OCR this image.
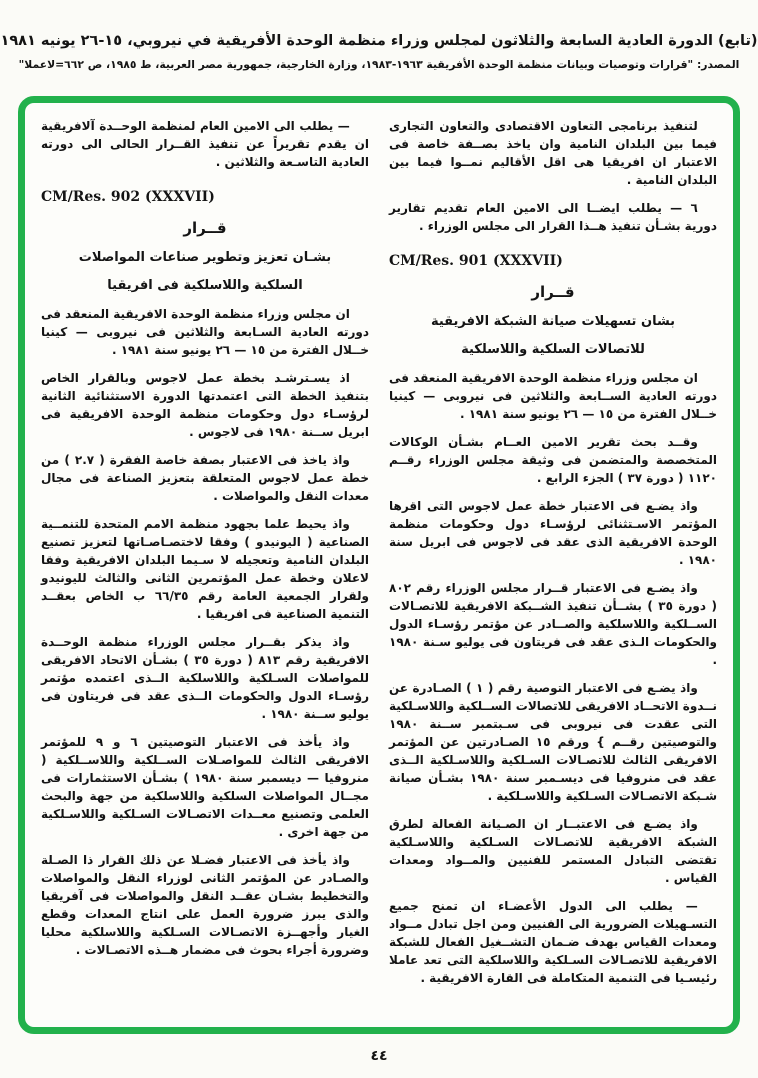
(تابع) الدورة العادية السابعة والثلاثون لمجلس وزراء منظمة الوحدة الأفريقية في نيروبي، ١٥-٢٦ يونيه ١٩٨١
المصدر: "قرارات وتوصيات وبيانات منظمة الوحدة الأفريقية ١٩٦٣-١٩٨٣، وزارة الخارجية، جمهورية مصر العربية، ط ١٩٨٥، ص ٦٦٢=لاعملا"

لتنفيذ برنامجى التعاون الاقتصادى والتعاون التجارى فيما بين البلدان النامية وان ياخذ بصــفة خاصة فى الاعتبار ان افريقيا هى اقل الأقاليم نمــوا فيما بين البلدان النامية .

٦ — يطلب ايضــا الى الامين العام تقديم تقارير دورية بشـأن تنفيذ هــذا القرار الى مجلس الوزراء .

CM/Res. 901 (XXXVII)
قــرار
بشان تسهيلات صيانة الشبكة الافريقية
للاتصالات السلكية واللاسلكية

ان مجلس وزراء منظمة الوحدة الافريقية المنعقد فى دورته العادية الســابعة والثلاثين فى نيروبى — كينيا خــلال الفترة من ١٥ — ٢٦ يونيو سنة ١٩٨١ .

وقــد بحث تقرير الامين العــام بشـأن الوكالات المتخصصة والمتضمن فى وثيقة مجلس الوزراء رقــم ١١٢٠ ( دورة ٣٧ ) الجزء الرابع .

واذ يضـع فى الاعتبار خطة عمل لاجوس التى اقرها المؤتمر الاسـتثنائى لرؤسـاء دول وحكومات منظمة الوحدة الافريقية الذى عقد فى لاجوس فى ابريل سنة ١٩٨٠ .

واذ يضـع فى الاعتبار قــرار مجلس الوزراء رقم ٨٠٢ ( دورة ٣٥ ) بشــأن تنفيذ الشــبكة الافريقية للاتصـالات الســلكية واللاسلكية والصــادر عن مؤتمر رؤسـاء الدول والحكومات الـذى عقد فى فريتاون فى يوليو سـنة ١٩٨٠ .

واذ يضـع فى الاعتبار التوصية رقم ( ١ ) الصـادرة عن نــدوة الاتحــاد الافريقى للاتصالات الســلكية واللاسـلكية التى عقدت فى نيروبى فى سـبتمبر ســنة ١٩٨٠ والتوصيتين رقــم } ورقم ١٥ الصـادرتين عن المؤتمر الافريقى الثالث للاتصـالات السـلكية واللاسـلكية الــذى عقد فى منروفيا فى ديسـمبر سنة ١٩٨٠ بشـأن صيانة شـبكة الاتصـالات السـلكية واللاسـلكية .

واذ يضـع فى الاعتبــار ان الصـيانة الفعالة لطرق الشبكة الافريقية للاتصـالات السـلكية واللاسـلكية تقتضى التبادل المستمر للفنيين والمــواد ومعدات القياس .

— يطلب الى الدول الأعضـاء ان تمنح جميع التسـهيلات الضرورية الى الفنيين ومن اجل تبادل مــواد ومعدات القياس بهدف ضـمان التشــغيل الفعال للشبكة الافريقية للاتصـالات السـلكية واللاسلكية التى تعد عاملا رئيسـيا فى التنمية المتكاملة فى القارة الافريقية .

— يطلب الى الامين العام لمنظمة الوحــدة آلافريقية ان يقدم تقريراً عن تنفيذ القــرار الحالى الى دورته العادية التاسـعة والثلاثين .

CM/Res. 902 (XXXVII)
قــرار
بشـان تعزيز وتطوير صناعات المواصلات
السلكية واللاسلكية فى افريقيا

ان مجلس وزراء منظمة الوحدة الافريقية المنعقد فى دورته العادية السـابعة والثلاثين فى نيروبى — كينيا خــلال الفترة من ١٥ — ٢٦ يونيو سنة ١٩٨١ .

اذ يسـترشـد بخطة عمل لاجوس وبالقرار الخاص بتنفيذ الخطة التى اعتمدتها الدورة الاستثنائية الثانية لرؤسـاء دول وحكومات منظمة الوحدة الافريقية فى ابريل ســنة ١٩٨٠ فى لاجوس .

واذ ياخذ فى الاعتبار بصفة خاصة الفقرة ( ٢.٧ ) من خطة عمل لاجوس المتعلقة بتعزيز الصناعة فى مجال معدات النقل والمواصلات .

واذ يحيط علما بجهود منظمة الامم المتحدة للتنمــية الصناعية ( اليونيدو ) وفقا لاختصـاصـاتها لتعزيز تصنيع البلدان النامية وتعجيله لا سـيما البلدان الافريقية وفقا لاعلان وخطة عمل المؤتمرين الثانى والثالث لليونيدو ولقرار الجمعية العامة رقم ٦٦/٣٥ ب الخاص بعقــد التنمية الصناعية فى افريقيا .

واذ يذكر بقــرار مجلس الوزراء منظمة الوحــدة الافريقية رقم ٨١٣ ( دورة ٣٥ ) بشـأن الاتحاد الافريقى للمواصلات السـلكية واللاسلكية الــذى اعتمده مؤتمر رؤسـاء الدول والحكومات الــذى عقد فى فريتاون فى يوليو ســنة ١٩٨٠ .

واذ يأخذ فى الاعتبار التوصيتين ٦ و ٩ للمؤتمر الافريقى الثالث للمواصـلات الســلكية واللاســلكية ( منروفيا — ديسمبر سنة ١٩٨٠ ) بشـأن الاستثمارات فى مجــال المواصلات السلكية واللاسلكية من جهة والبحث العلمى وتصنيع معــدات الاتصـالات السـلكية واللاسـلكية من جهة اخرى .

واذ يأخذ فى الاعتبار فضـلا عن ذلك القرار ذا الصـلة والصـادر عن المؤتمر الثانى لوزراء النقل والمواصلات والتخطيط بشـان عقــد النقل والمواصلات فى آفريقيا والذى يبرز ضرورة العمل على انتاج المعدات وقطع الغيار وأجهــزة الاتصـالات السـلكية واللاسلكية محليا وضرورة أجراء بحوث فى مضمار هــذه الاتصـالات .

٤٤
